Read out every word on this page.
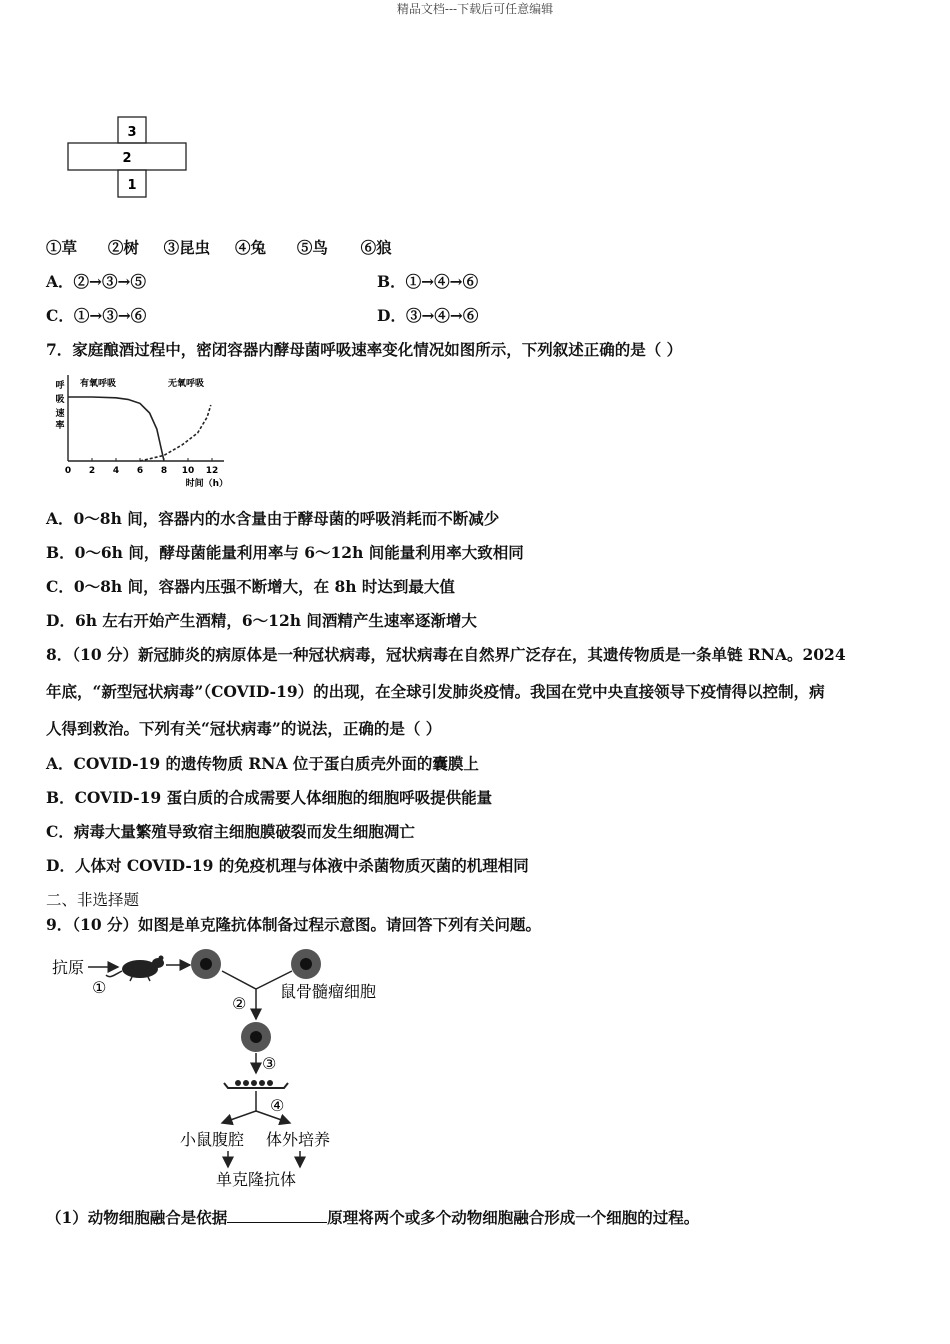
精品文档---下载后可任意编辑
3
2
1
①草 ②树 ③昆虫 ④兔 ⑤鸟 ⑥狼
A．②→③→⑤	B．①→④→⑥
C．①→③→⑥	D．③→④→⑥
7．家庭酿酒过程中，密闭容器内酵母菌呼吸速率变化情况如图所示，下列叙述正确的是（ ）
0 2 4 6 8 10 12
呼
吸
速
率
时间（h）
有氧呼吸	无氧呼吸
A．0～8h 间，容器内的水含量由于酵母菌的呼吸消耗而不断减少
B．0～6h 间，酵母菌能量利用率与 6～12h 间能量利用率大致相同
C．0～8h 间，容器内压强不断增大，在 8h 时达到最大值
D．6h 左右开始产生酒精，6～12h 间酒精产生速率逐渐增大
8．（10 分）新冠肺炎的病原体是一种冠状病毒，冠状病毒在自然界广泛存在，其遗传物质是一条单链 RNA。2024
年底，“新型冠状病毒”（COVID-19）的出现，在全球引发肺炎疫情。我国在党中央直接领导下疫情得以控制，病
人得到救治。下列有关“冠状病毒”的说法，正确的是（ ）
A．COVID-19 的遗传物质 RNA 位于蛋白质壳外面的囊膜上
B．COVID-19 蛋白质的合成需要人体细胞的细胞呼吸提供能量
C．病毒大量繁殖导致宿主细胞膜破裂而发生细胞凋亡
D．人体对 COVID-19 的免疫机理与体液中杀菌物质灭菌的机理相同
二、非选择题
9．（10 分）如图是单克隆抗体制备过程示意图。请回答下列有关问题。
抗原
①	鼠骨髓瘤细胞
②
③
④
小鼠腹腔 体外培养
单克隆抗体
（1）动物细胞融合是依据	原理将两个或多个动物细胞融合形成一个细胞的过程。
